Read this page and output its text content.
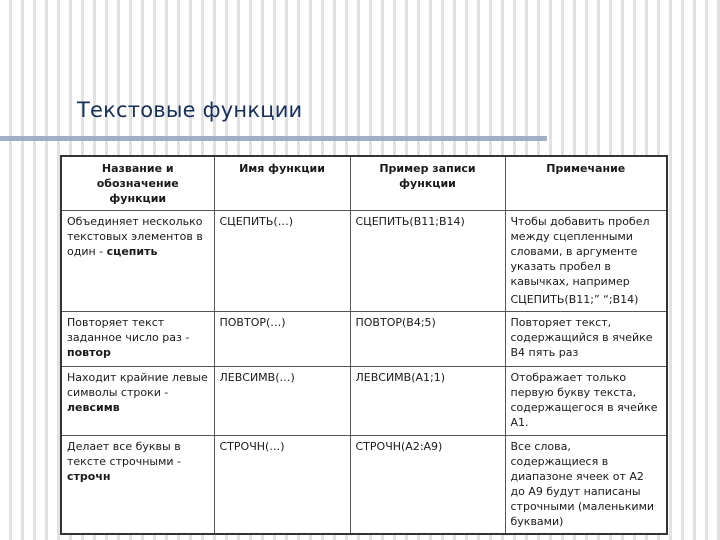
Текстовые функции
Название и обозначение функции	Имя функции	Пример записи функции	Примечание
Объединяет несколько текстовых элементов в один - сцепить	СЦЕПИТЬ(…)	СЦЕПИТЬ(В11;В14)	Чтобы добавить пробел между сцепленными словами, в аргументе указать пробел в кавычках, например
СЦЕПИТЬ(В11;” “;В14)

Повторяет текст заданное число раз - повтор	ПОВТОР(…)	ПОВТОР(В4;5)	Повторяет текст, содержащийся в ячейке В4 пять раз
Находит крайние левые символы строки - левсимв	ЛЕВСИМВ(…)	ЛЕВСИМВ(А1;1)	Отображает только первую букву текста, содержащегося в ячейке А1.
Делает все буквы в тексте строчными - строчн	СТРОЧН(…)	СТРОЧН(А2:А9)	Все слова, содержащиеся в диапазоне ячеек от А2 до А9 будут написаны строчными (маленькими буквами)
